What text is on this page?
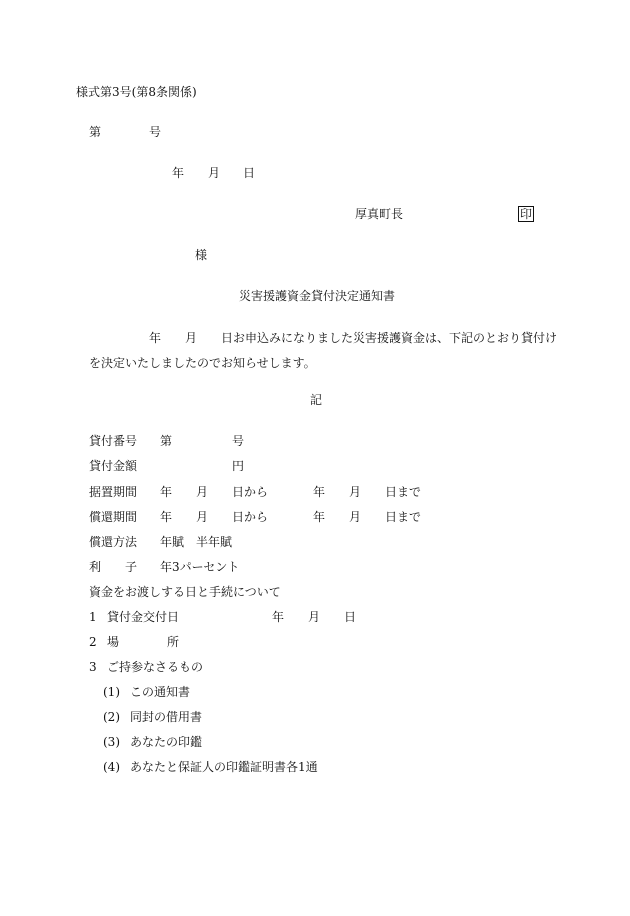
様式第3号(第8条関係)
第	号
年 月 日
厚真町長	印
様
災害援護資金貸付決定通知書
年 月 日お申込みになりました災害援護資金は、下記のとおり貸付け
を決定いたしましたのでお知らせします。
記
貸付番号 第	号
貸付金額	円
据置期間 年 月 日から	年 月 日まで
償還期間 年 月 日から	年 月 日まで
償還方法 年賦 半年賦
利　　子 年3パーセント
資金をお渡しする日と手続について
1 貸付金交付日	年 月 日
2 場	所
3 ご持参なさるもの
(1) この通知書
(2) 同封の借用書
(3) あなたの印鑑
(4) あなたと保証人の印鑑証明書各1通
